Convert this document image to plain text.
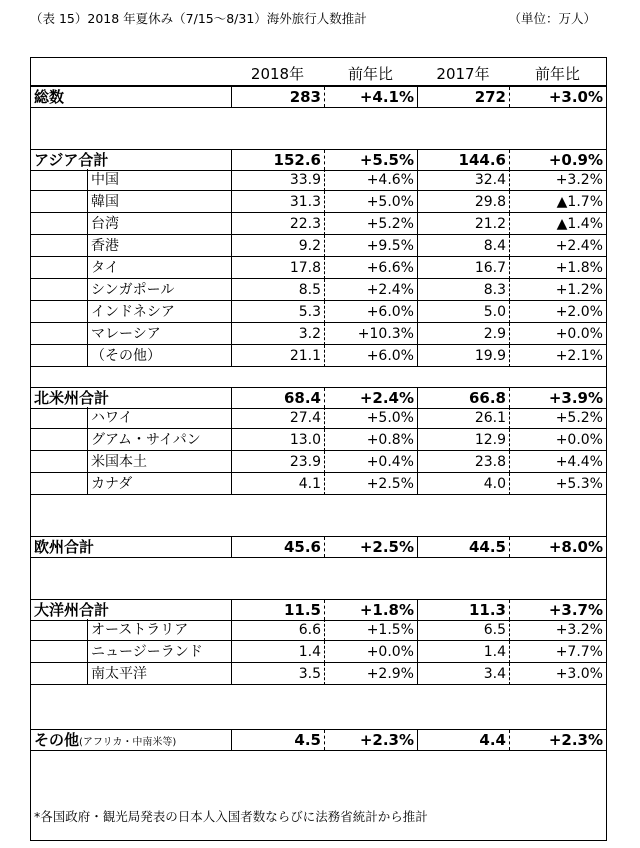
（表 15）2018 年夏休み（7/15～8/31）海外旅行人数推計	（単位：万人）
2018年	前年比	2017年	前年比
総数	283	+4.1%	272	+3.0%
アジア合計	152.6	+5.5%	144.6	+0.9%
中国	33.9	+4.6%	32.4	+3.2%
韓国	31.3	+5.0%	29.8	▲1.7%
台湾	22.3	+5.2%	21.2	▲1.4%
香港	9.2	+9.5%	8.4	+2.4%
タイ	17.8	+6.6%	16.7	+1.8%
シンガポール	8.5	+2.4%	8.3	+1.2%
インドネシア	5.3	+6.0%	5.0	+2.0%
マレーシア	3.2	+10.3%	2.9	+0.0%
（その他）	21.1	+6.0%	19.9	+2.1%
北米州合計	68.4	+2.4%	66.8	+3.9%
ハワイ	27.4	+5.0%	26.1	+5.2%
グアム・サイパン	13.0	+0.8%	12.9	+0.0%
米国本土	23.9	+0.4%	23.8	+4.4%
カナダ	4.1	+2.5%	4.0	+5.3%
欧州合計	45.6	+2.5%	44.5	+8.0%
大洋州合計	11.5	+1.8%	11.3	+3.7%
オーストラリア	6.6	+1.5%	6.5	+3.2%
ニュージーランド	1.4	+0.0%	1.4	+7.7%
南太平洋	3.5	+2.9%	3.4	+3.0%
その他(アフリカ・中南米等)	4.5	+2.3%	4.4	+2.3%
*各国政府・観光局発表の日本人入国者数ならびに法務省統計から推計
